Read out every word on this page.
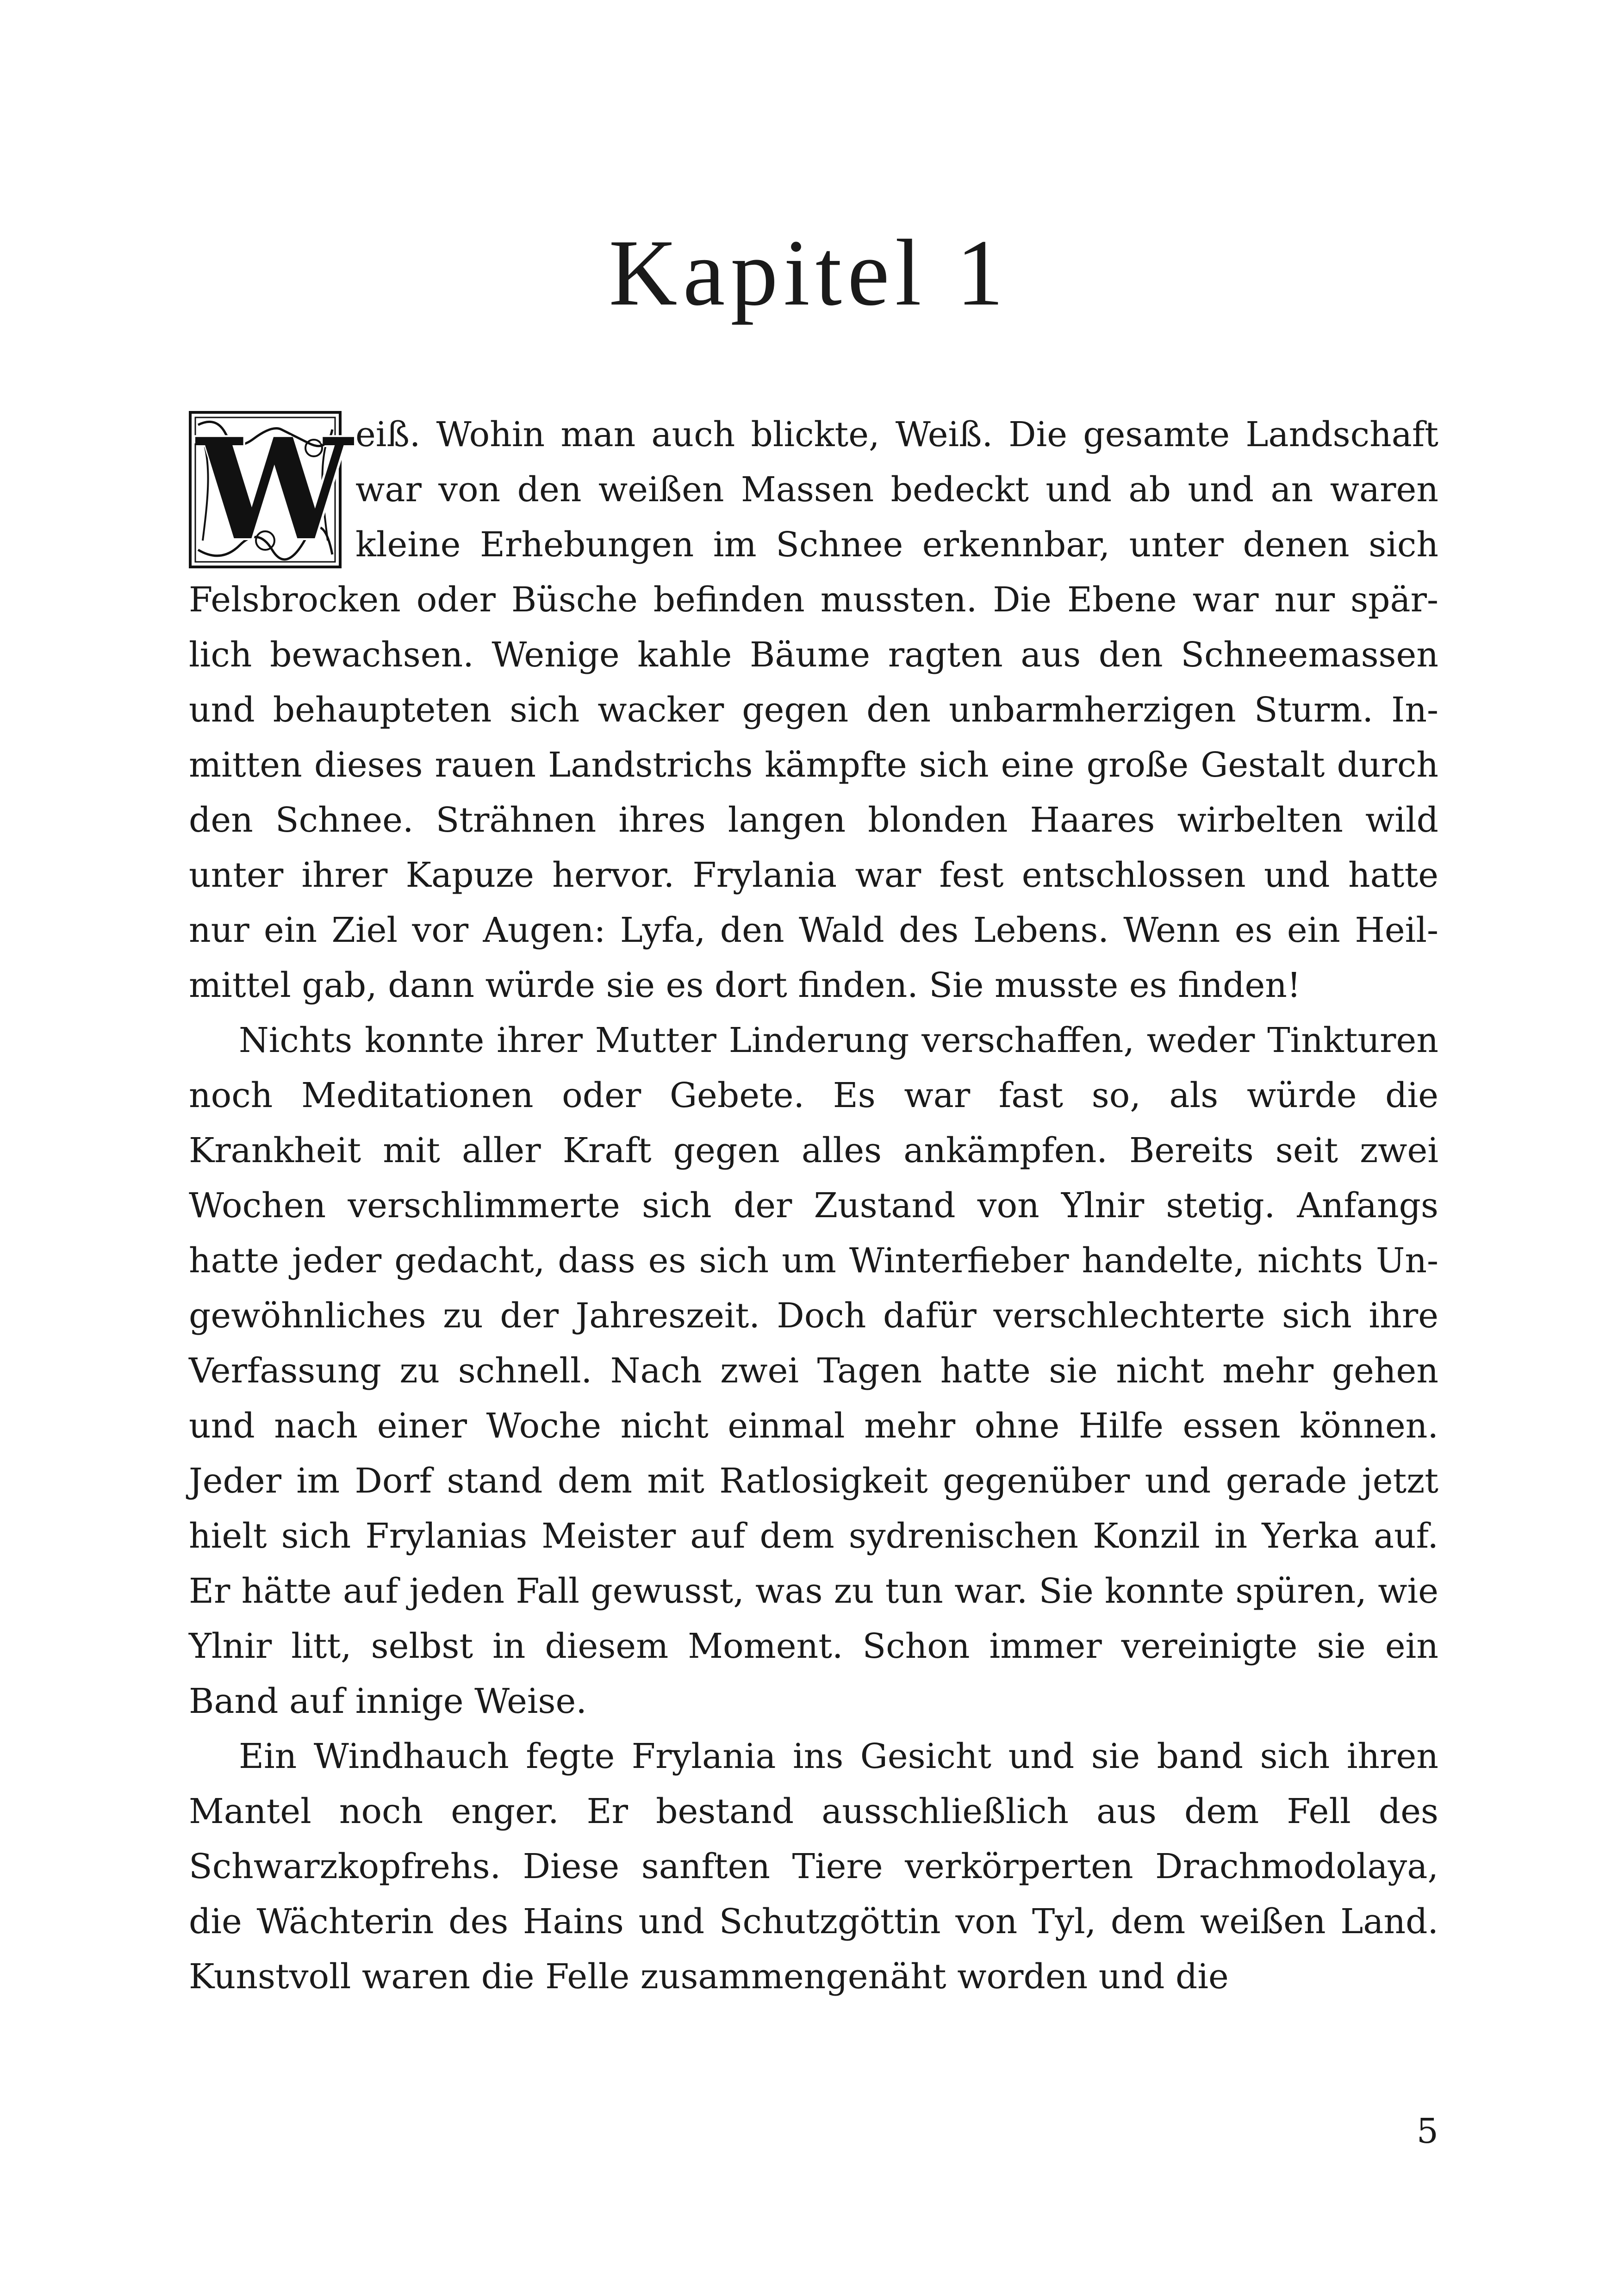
Kapitel 1

W eiß. Wohin man auch blickte, Weiß. Die gesamte Landschaft war von den weißen Massen bedeckt und ab und an waren kleine Erhebungen im Schnee erkennbar, unter denen sich Felsbrocken oder Büsche befinden mussten. Die Ebene war nur spärlich bewachsen. Wenige kahle Bäume ragten aus den Schneemassen und behaupteten sich wacker gegen den unbarmherzigen Sturm. Inmitten dieses rauen Landstrichs kämpfte sich eine große Gestalt durch den Schnee. Strähnen ihres langen blonden Haares wirbelten wild unter ihrer Kapuze hervor. Frylania war fest entschlossen und hatte nur ein Ziel vor Augen: Lyfa, den Wald des Lebens. Wenn es ein Heilmittel gab, dann würde sie es dort finden. Sie musste es finden!

Nichts konnte ihrer Mutter Linderung verschaffen, weder Tinkturen noch Meditationen oder Gebete. Es war fast so, als würde die Krankheit mit aller Kraft gegen alles ankämpfen. Bereits seit zwei Wochen verschlimmerte sich der Zustand von Ylnir stetig. Anfangs hatte jeder gedacht, dass es sich um Winterfieber handelte, nichts Ungewöhnliches zu der Jahreszeit. Doch dafür verschlechterte sich ihre Verfassung zu schnell. Nach zwei Tagen hatte sie nicht mehr gehen und nach einer Woche nicht einmal mehr ohne Hilfe essen können. Jeder im Dorf stand dem mit Ratlosigkeit gegenüber und gerade jetzt hielt sich Frylanias Meister auf dem sydrenischen Konzil in Yerka auf. Er hätte auf jeden Fall gewusst, was zu tun war. Sie konnte spüren, wie Ylnir litt, selbst in diesem Moment. Schon immer vereinigte sie ein Band auf innige Weise.

Ein Windhauch fegte Frylania ins Gesicht und sie band sich ihren Mantel noch enger. Er bestand ausschließlich aus dem Fell des Schwarzkopfrehs. Diese sanften Tiere verkörperten Drachmodolaya, die Wächterin des Hains und Schutzgöttin von Tyl, dem weißen Land. Kunstvoll waren die Felle zusammengenäht worden und die

5
